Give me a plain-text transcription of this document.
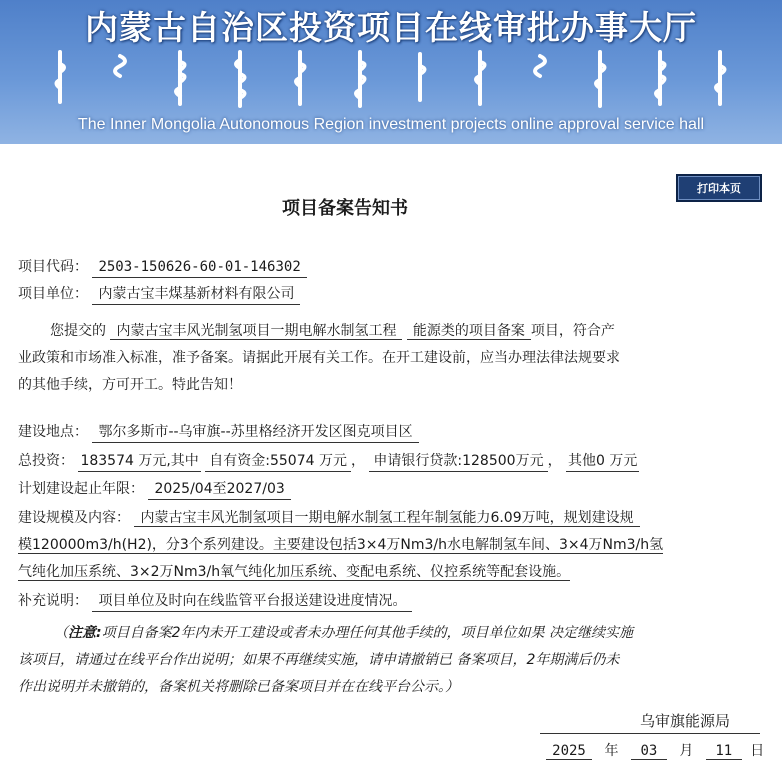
内蒙古自治区投资项目在线审批办事大厅
The Inner Mongolia Autonomous Region investment projects online approval service hall
打印本页
项目备案告知书
项目代码： 2503-150626-60-01-146302
项目单位： 内蒙古宝丰煤基新材料有限公司
您提交的 内蒙古宝丰风光制氢项目一期电解水制氢工程 能源类的项目备案 项目，符合产
业政策和市场准入标准，准予备案。请据此开展有关工作。在开工建设前，应当办理法律法规要求
的其他手续，方可开工。特此告知！
建设地点： 鄂尔多斯市--乌审旗--苏里格经济开发区图克项目区
总投资： 183574 万元,其中 自有资金:55074 万元 ， 申请银行贷款:128500万元 ， 其他0 万元
计划建设起止年限： 2025/04至2027/03
建设规模及内容： 内蒙古宝丰风光制氢项目一期电解水制氢工程年制氢能力6.09万吨，规划建设规
模120000m3/h(H2)，分3个系列建设。主要建设包括3×4万Nm3/h水电解制氢车间、3×4万Nm3/h氢
气纯化加压系统、3×2万Nm3/h氧气纯化加压系统、变配电系统、仪控系统等配套设施。
补充说明： 项目单位及时向在线监管平台报送建设进度情况。
（注意:项目自备案2年内未开工建设或者未办理任何其他手续的，项目单位如果 决定继续实施
该项目，请通过在线平台作出说明；如果不再继续实施，请申请撤销已 备案项目，2年期满后仍未
作出说明并未撤销的，备案机关将删除已备案项目并在在线平台公示。）
乌审旗能源局
2025 年 03 月 11 日
